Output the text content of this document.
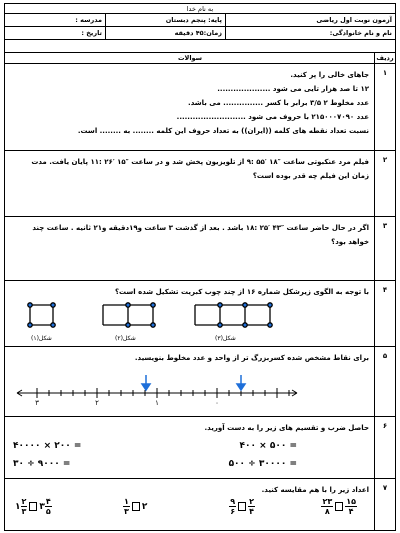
به نام خدا
آزمون نوبت اول ریاضی
پایه: پنجم دبستان
مدرسه :
نام و نام خانوادگی:
زمان:۴۵ دقیقه
تاریخ :
ردیف
سوالات
۱
جاهای خالی را پر کنید.
۱۲ تا صد هزار تایی می شود ....................
عدد مخلوط ۲ ۳/۵ برابر با کسر ............... می باشد.
عدد ۲۱۵۰۰۰۷۰۹۰ با حروف می شود ..........................
نسبت تعداد نقطه های کلمه ((ایران)) به تعداد حروف این کلمه ........ به ........ است.
۲
فیلم مرد عنکبوتی ساعت ″۱۸ ′۵۵ :۹ از تلویزیون پخش شد و در ساعت ″۱۵ ′۲۶ :۱۱ پایان یافت. مدت
زمان این فیلم چه قدر بوده است؟
۳
اگر در حال حاضر ساعت ″۴۳ ′۲۵ :۱۸ باشد . بعد از گذشت ۳ ساعت و۱۹دقیقه و۲۱ ثانیه . ساعت چند
خواهد بود؟
۴
با توجه به الگوی زیرشکل شماره ۱۶ از چند چوب کبریت تشکیل شده است؟
شکل(۱)	شکل(۲)	شکل(۳)
۵
برای نقاط مشخص شده کسربزرگ تر از واحد و عدد مخلوط بنویسید.
۳	۲	۱	۰
۶
حاصل ضرب و تقسیم های زیر را به دست آورید.
۴۰۰ × ۵۰۰ =
۴۰۰۰۰ × ۲۰۰ =
۵۰۰ ÷ ۳۰۰۰۰ =
۳۰ ÷ ۹۰۰۰ =
۷
اعداد زیر را با هم مقایسه کنید.
$\frac{۲۳}{۸} \frac{۱۵}{۴}$
$\frac{۹}{۶} \frac{۲}{۴}$
$\frac{۱}{۳}$ ۲
۱ $\frac{۲}{۳}$ ۳ $\frac{۴}{۵}$
